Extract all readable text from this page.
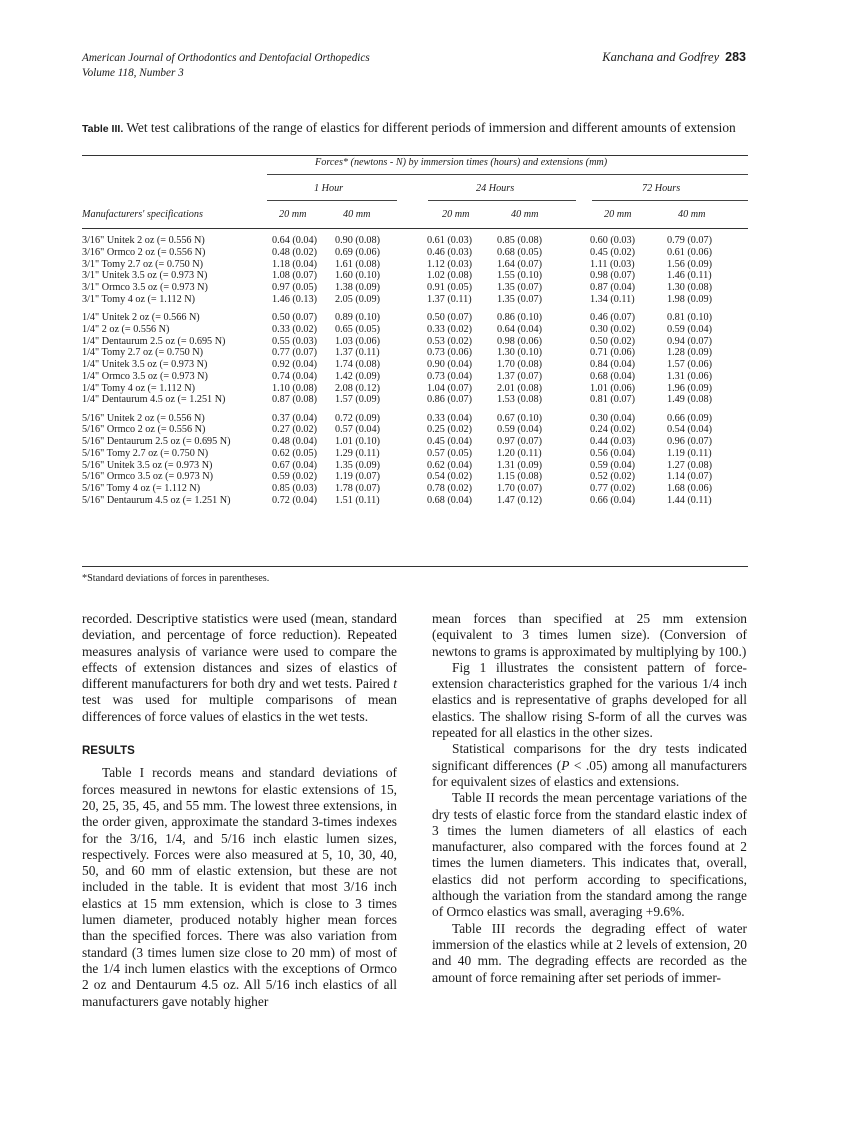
American Journal of Orthodontics and Dentofacial Orthopedics
Volume 118, Number 3
Kanchana and Godfrey 283
Table III. Wet test calibrations of the range of elastics for different periods of immersion and different amounts of extension
Forces* (newtons - N) by immersion times (hours) and extensions (mm)
1 Hour	24 Hours	72 Hours
Manufacturers' specifications	20 mm	40 mm	20 mm	40 mm	20 mm	40 mm
3/16" Unitek 2 oz (= 0.556 N)	0.64 (0.04)	0.90 (0.08)	0.61 (0.03)	0.85 (0.08)	0.60 (0.03)	0.79 (0.07)
3/16" Ormco 2 oz (= 0.556 N)	0.48 (0.02)	0.69 (0.06)	0.46 (0.03)	0.68 (0.05)	0.45 (0.02)	0.61 (0.06)
3/1" Tomy 2.7 oz (= 0.750 N)	1.18 (0.04)	1.61 (0.08)	1.12 (0.03)	1.64 (0.07)	1.11 (0.03)	1.56 (0.09)
3/1" Unitek 3.5 oz (= 0.973 N)	1.08 (0.07)	1.60 (0.10)	1.02 (0.08)	1.55 (0.10)	0.98 (0.07)	1.46 (0.11)
3/1" Ormco 3.5 oz (= 0.973 N)	0.97 (0.05)	1.38 (0.09)	0.91 (0.05)	1.35 (0.07)	0.87 (0.04)	1.30 (0.08)
3/1" Tomy 4 oz (= 1.112 N)	1.46 (0.13)	2.05 (0.09)	1.37 (0.11)	1.35 (0.07)	1.34 (0.11)	1.98 (0.09)

1/4" Unitek 2 oz (= 0.566 N)	0.50 (0.07)	0.89 (0.10)	0.50 (0.07)	0.86 (0.10)	0.46 (0.07)	0.81 (0.10)
1/4" 2 oz (= 0.556 N)	0.33 (0.02)	0.65 (0.05)	0.33 (0.02)	0.64 (0.04)	0.30 (0.02)	0.59 (0.04)
1/4" Dentaurum 2.5 oz (= 0.695 N)	0.55 (0.03)	1.03 (0.06)	0.53 (0.02)	0.98 (0.06)	0.50 (0.02)	0.94 (0.07)
1/4" Tomy 2.7 oz (= 0.750 N)	0.77 (0.07)	1.37 (0.11)	0.73 (0.06)	1.30 (0.10)	0.71 (0.06)	1.28 (0.09)
1/4" Unitek 3.5 oz (= 0.973 N)	0.92 (0.04)	1.74 (0.08)	0.90 (0.04)	1.70 (0.08)	0.84 (0.04)	1.57 (0.06)
1/4" Ormco 3.5 oz (= 0.973 N)	0.74 (0.04)	1.42 (0.09)	0.73 (0.04)	1.37 (0.07)	0.68 (0.04)	1.31 (0.06)
1/4" Tomy 4 oz (= 1.112 N)	1.10 (0.08)	2.08 (0.12)	1.04 (0.07)	2.01 (0.08)	1.01 (0.06)	1.96 (0.09)
1/4" Dentaurum 4.5 oz (= 1.251 N)	0.87 (0.08)	1.57 (0.09)	0.86 (0.07)	1.53 (0.08)	0.81 (0.07)	1.49 (0.08)

5/16" Unitek 2 oz (= 0.556 N)	0.37 (0.04)	0.72 (0.09)	0.33 (0.04)	0.67 (0.10)	0.30 (0.04)	0.66 (0.09)
5/16" Ormco 2 oz (= 0.556 N)	0.27 (0.02)	0.57 (0.04)	0.25 (0.02)	0.59 (0.04)	0.24 (0.02)	0.54 (0.04)
5/16" Dentaurum 2.5 oz (= 0.695 N)	0.48 (0.04)	1.01 (0.10)	0.45 (0.04)	0.97 (0.07)	0.44 (0.03)	0.96 (0.07)
5/16" Tomy 2.7 oz (= 0.750 N)	0.62 (0.05)	1.29 (0.11)	0.57 (0.05)	1.20 (0.11)	0.56 (0.04)	1.19 (0.11)
5/16" Unitek 3.5 oz (= 0.973 N)	0.67 (0.04)	1.35 (0.09)	0.62 (0.04)	1.31 (0.09)	0.59 (0.04)	1.27 (0.08)
5/16" Ormco 3.5 oz (= 0.973 N)	0.59 (0.02)	1.19 (0.07)	0.54 (0.02)	1.15 (0.08)	0.52 (0.02)	1.14 (0.07)
5/16" Tomy 4 oz (= 1.112 N)	0.85 (0.03)	1.78 (0.07)	0.78 (0.02)	1.70 (0.07)	0.77 (0.02)	1.68 (0.06)
5/16" Dentaurum 4.5 oz (= 1.251 N)	0.72 (0.04)	1.51 (0.11)	0.68 (0.04)	1.47 (0.12)	0.66 (0.04)	1.44 (0.11)
*Standard deviations of forces in parentheses.

recorded. Descriptive statistics were used (mean, standard deviation, and percentage of force reduction). Repeated measures analysis of variance were used to compare the effects of extension distances and sizes of elastics of different manufacturers for both dry and wet tests. Paired t test was used for multiple comparisons of mean differences of force values of elastics in the wet tests.

RESULTS

Table I records means and standard deviations of forces measured in newtons for elastic extensions of 15, 20, 25, 35, 45, and 55 mm. The lowest three extensions, in the order given, approximate the standard 3-times indexes for the 3/16, 1/4, and 5/16 inch elastic lumen sizes, respectively. Forces were also measured at 5, 10, 30, 40, 50, and 60 mm of elastic extension, but these are not included in the table. It is evident that most 3/16 inch elastics at 15 mm extension, which is close to 3 times lumen diameter, produced notably higher mean forces than the specified forces. There was also variation from standard (3 times lumen size close to 20 mm) of most of the 1/4 inch lumen elastics with the exceptions of Ormco 2 oz and Dentaurum 4.5 oz. All 5/16 inch elastics of all manufacturers gave notably higher

mean forces than specified at 25 mm extension (equivalent to 3 times lumen size). (Conversion of newtons to grams is approximated by multiplying by 100.)

Fig 1 illustrates the consistent pattern of force-extension characteristics graphed for the various 1/4 inch elastics and is representative of graphs developed for all elastics. The shallow rising S-form of all the curves was repeated for all elastics in the other sizes.

Statistical comparisons for the dry tests indicated significant differences (P < .05) among all manufacturers for equivalent sizes of elastics and extensions.

Table II records the mean percentage variations of the dry tests of elastic force from the standard elastic index of 3 times the lumen diameters of all elastics of each manufacturer, also compared with the forces found at 2 times the lumen diameters. This indicates that, overall, elastics did not perform according to specifications, although the variation from the standard among the range of Ormco elastics was small, averaging +9.6%.

Table III records the degrading effect of water immersion of the elastics while at 2 levels of extension, 20 and 40 mm. The degrading effects are recorded as the amount of force remaining after set periods of immer-
